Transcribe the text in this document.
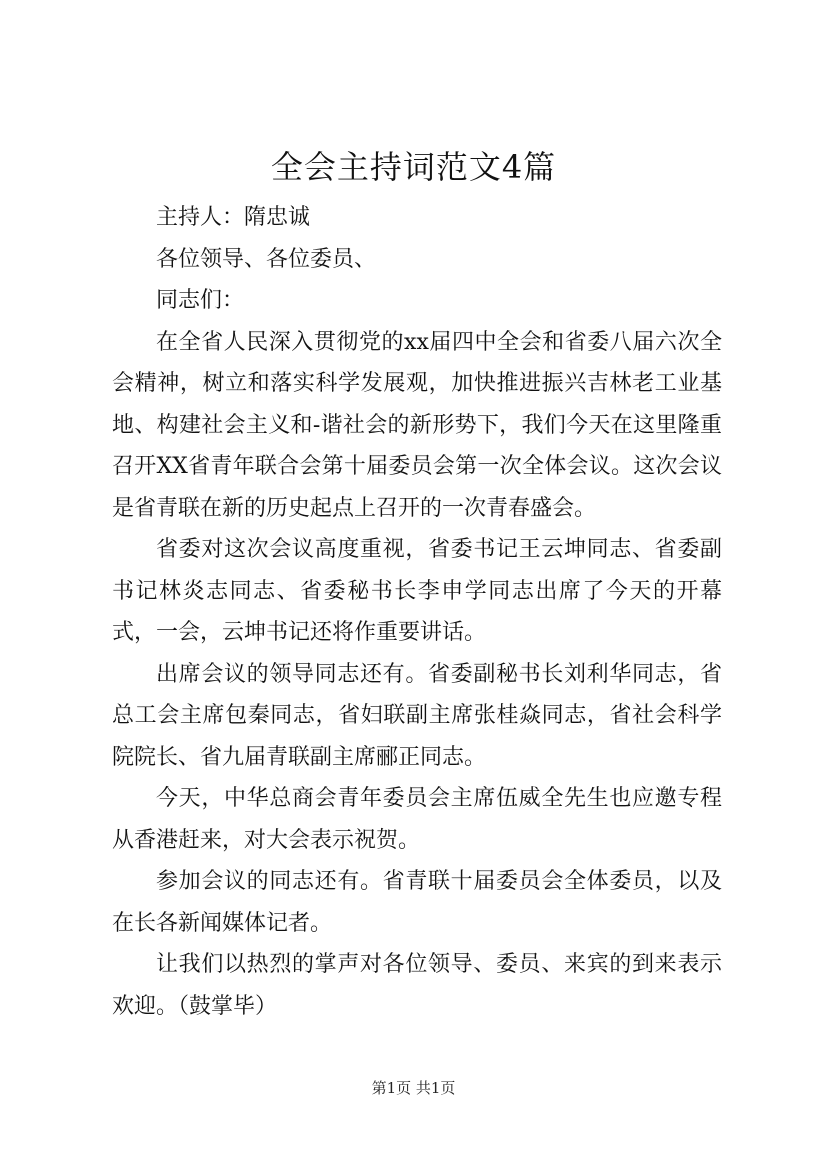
全会主持词范文4篇

主持人：隋忠诚

各位领导、各位委员、

同志们：

在全省人民深入贯彻党的xx届四中全会和省委八届六次全会精神，树立和落实科学发展观，加快推进振兴吉林老工业基地、构建社会主义和-谐社会的新形势下，我们今天在这里隆重召开XX省青年联合会第十届委员会第一次全体会议。这次会议是省青联在新的历史起点上召开的一次青春盛会。

省委对这次会议高度重视，省委书记王云坤同志、省委副书记林炎志同志、省委秘书长李申学同志出席了今天的开幕式，一会，云坤书记还将作重要讲话。

出席会议的领导同志还有。省委副秘书长刘利华同志，省总工会主席包秦同志，省妇联副主席张桂焱同志，省社会科学院院长、省九届青联副主席郦正同志。

今天，中华总商会青年委员会主席伍威全先生也应邀专程从香港赶来，对大会表示祝贺。

参加会议的同志还有。省青联十届委员会全体委员，以及在长各新闻媒体记者。

让我们以热烈的掌声对各位领导、委员、来宾的到来表示欢迎。（鼓掌毕）

第1页 共1页
